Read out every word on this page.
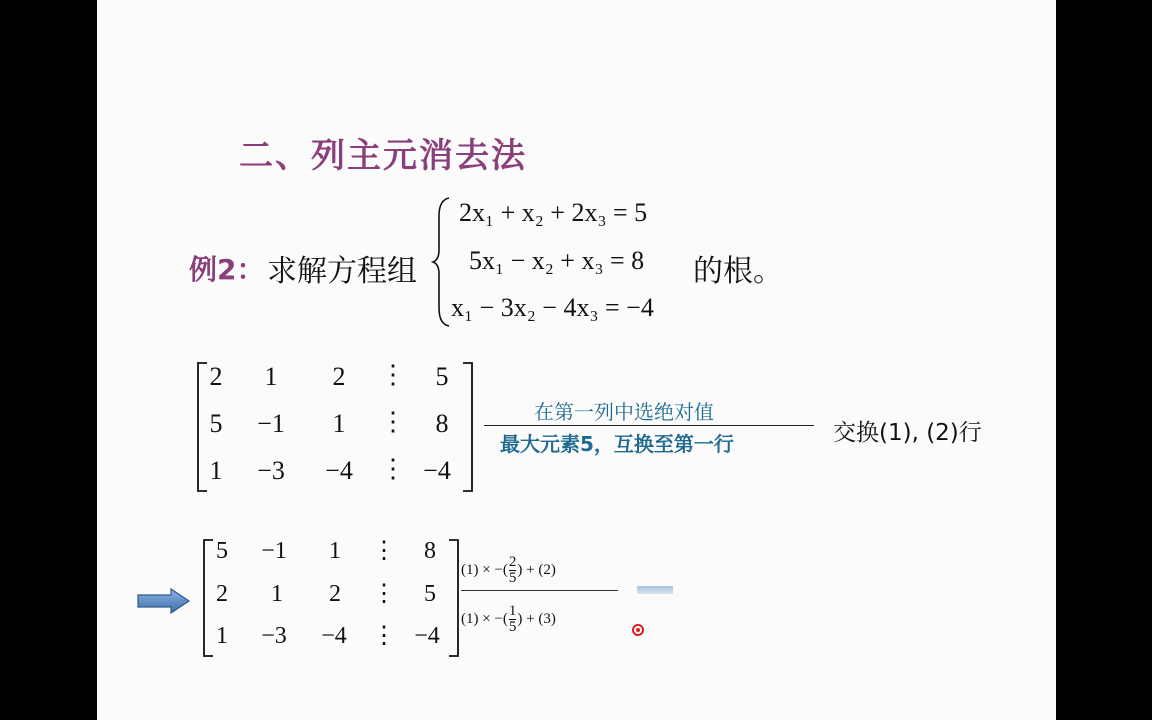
二、列主元消去法
例2： 求解方程组
2x₁ + x₂ + 2x₃ = 5
5x₁ − x₂ + x₃ = 8
x₁ − 3x₂ − 4x₃ = −4
的根。
2	1	2	⋮	5
5	−1	1	⋮	8
1	−3	−4	⋮ −4
在第一列中选绝对值
最大元素5，互换至第一行	交换(1), (2)行
5	−1	1	⋮	8
2	1	2	⋮	5
1	−3	−4	⋮ −4
(1) × −( $\frac{2}{5}$ ) + (2)
(1) × −( $\frac{1}{5}$ ) + (3)
